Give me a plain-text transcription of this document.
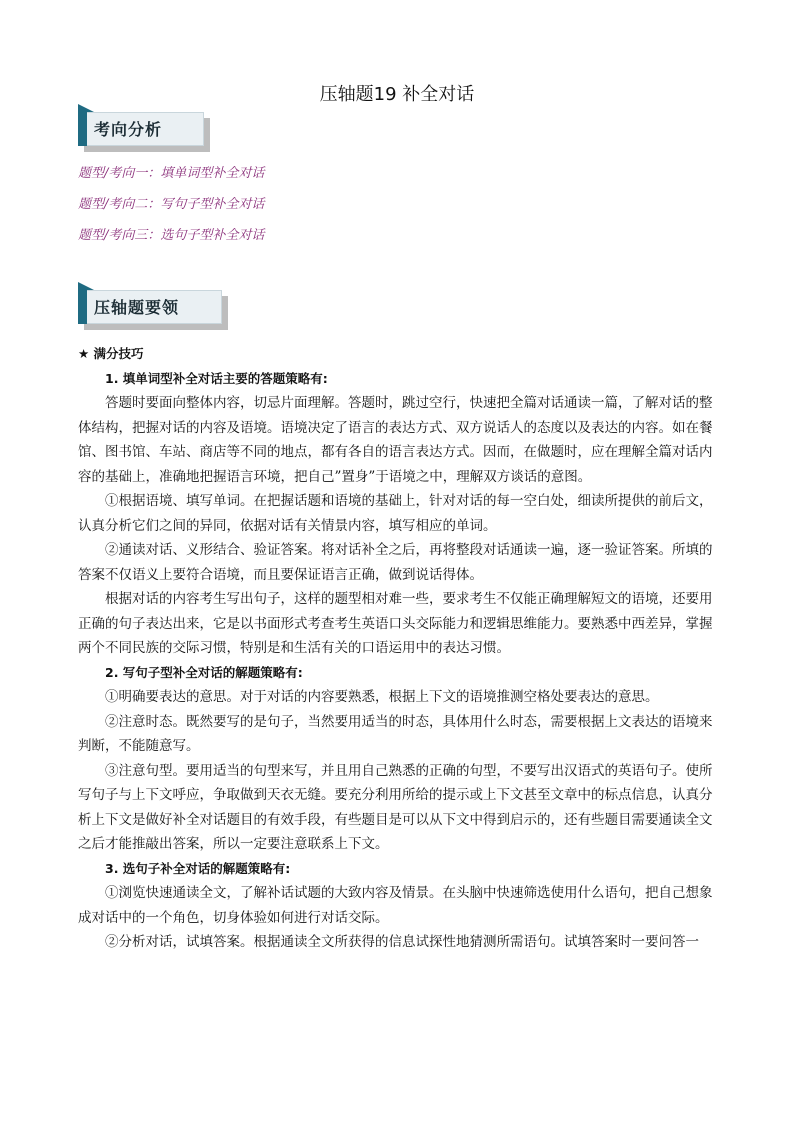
压轴题19 补全对话
考向分析
题型/考向一：填单词型补全对话
题型/考向二：写句子型补全对话
题型/考向三：选句子型补全对话
压轴题要领

★ 满分技巧

1. 填单词型补全对话主要的答题策略有:

答题时要面向整体内容，切忌片面理解。答题时，跳过空行，快速把全篇对话通读一篇，了解对话的整体结构，把握对话的内容及语境。语境决定了语言的表达方式、双方说话人的态度以及表达的内容。如在餐馆、图书馆、车站、商店等不同的地点，都有各自的语言表达方式。因而，在做题时，应在理解全篇对话内容的基础上，准确地把握语言环境，把自己”置身”于语境之中，理解双方谈话的意图。

①根据语境、填写单词。在把握话题和语境的基础上，针对对话的每一空白处，细读所提供的前后文，认真分析它们之间的异同，依据对话有关情景内容，填写相应的单词。

②通读对话、义形结合、验证答案。将对话补全之后，再将整段对话通读一遍，逐一验证答案。所填的答案不仅语义上要符合语境，而且要保证语言正确，做到说话得体。

根据对话的内容考生写出句子，这样的题型相对难一些，要求考生不仅能正确理解短文的语境，还要用正确的句子表达出来，它是以书面形式考查考生英语口头交际能力和逻辑思维能力。要熟悉中西差异，掌握两个不同民族的交际习惯，特别是和生活有关的口语运用中的表达习惯。

2. 写句子型补全对话的解题策略有:

①明确要表达的意思。对于对话的内容要熟悉，根据上下文的语境推测空格处要表达的意思。

②注意时态。既然要写的是句子，当然要用适当的时态，具体用什么时态，需要根据上文表达的语境来判断，不能随意写。

③注意句型。要用适当的句型来写，并且用自己熟悉的正确的句型，不要写出汉语式的英语句子。使所写句子与上下文呼应，争取做到天衣无缝。要充分利用所给的提示或上下文甚至文章中的标点信息，认真分析上下文是做好补全对话题目的有效手段，有些题目是可以从下文中得到启示的，还有些题目需要通读全文之后才能推敲出答案，所以一定要注意联系上下文。

3. 选句子补全对话的解题策略有:

①浏览快速通读全文，了解补话试题的大致内容及情景。在头脑中快速筛选使用什么语句，把自己想象成对话中的一个角色，切身体验如何进行对话交际。

②分析对话，试填答案。根据通读全文所获得的信息试探性地猜测所需语句。试填答案时一要问答一
